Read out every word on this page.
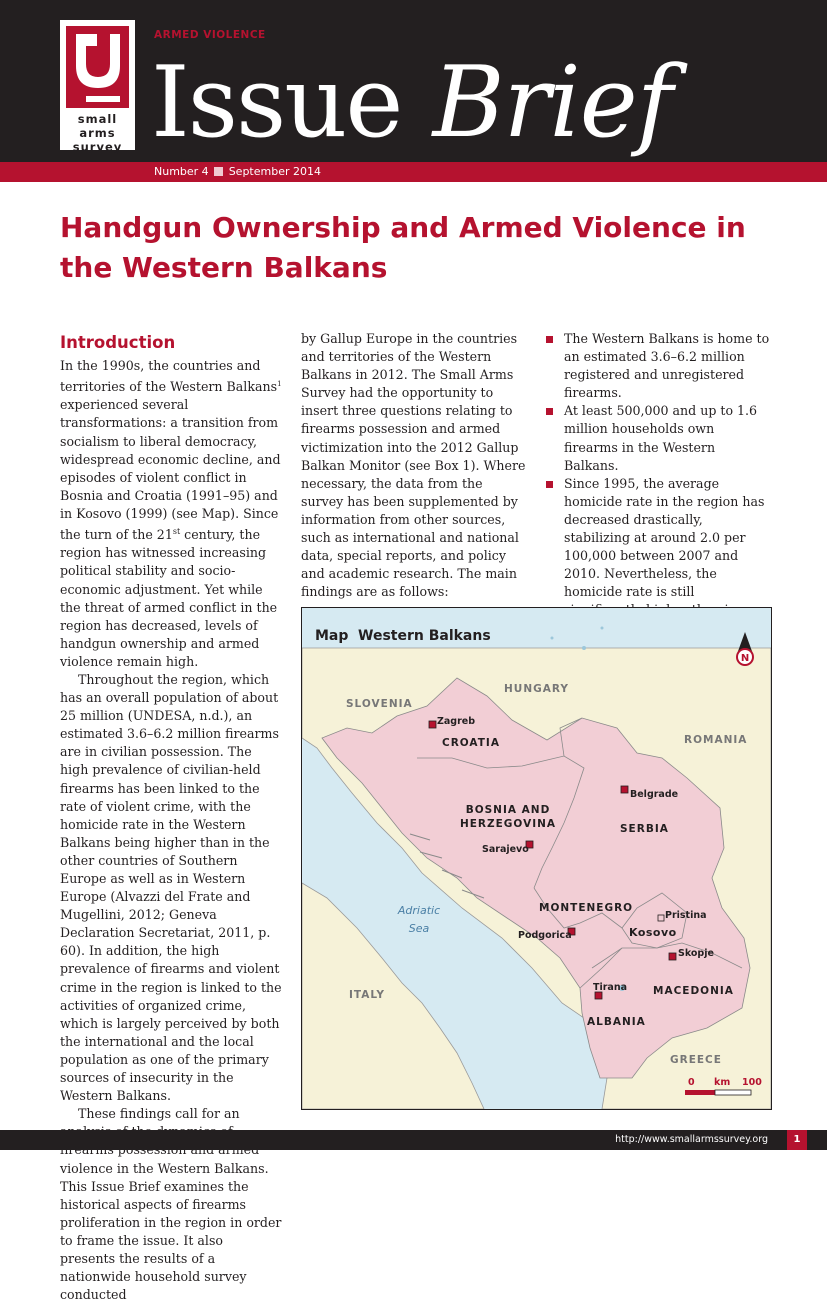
small
arms
survey
ARMED VIOLENCE
Issue Brief
Number 4 September 2014
Handgun Ownership and Armed Violence in the Western Balkans
Introduction

In the 1990s, the countries and territories of the Western Balkans$^1$ experienced several transformations: a transition from socialism to liberal democracy, widespread economic decline, and episodes of violent conflict in Bosnia and Croatia (1991–95) and in Kosovo (1999) (see Map). Since the turn of the 21st century, the region has witnessed increasing political stability and socio-economic adjustment. Yet while the threat of armed conflict in the region has decreased, levels of handgun ownership and armed violence remain high.

Throughout the region, which has an overall population of about 25 million (UNDESA, n.d.), an estimated 3.6–6.2 million firearms are in civilian possession. The high prevalence of civilian-held firearms has been linked to the rate of violent crime, with the homicide rate in the Western Balkans being higher than in the other countries of Southern Europe as well as in Western Europe (Alvazzi del Frate and Mugellini, 2012; Geneva Declaration Secretariat, 2011, p. 60). In addition, the high prevalence of firearms and violent crime in the region is linked to the activities of organized crime, which is largely perceived by both the international and the local population as one of the primary sources of insecurity in the Western Balkans.

These findings call for an violence in the Western Balkans. This Issue Brief examines the historical aspects of firearms proliferation in the region in order to frame the issue. It also presents the results of a nationwide household survey conducted

by Gallup Europe in the countries and territories of the Western Balkans in 2012. The Small Arms Survey had the opportunity to insert three questions relating to firearms possession and armed victimization into the 2012 Gallup Balkan Monitor (see Box 1). Where necessary, the data from the survey has been supplemented by information from other sources, such as international and national data, special reports, and policy and academic research. The main findings are as follows:

The Western Balkans is home to an estimated 3.6–6.2 million registered and unregistered firearms.
At least 500,000 and up to 1.6 million households own firearms in the Western Balkans.
Since 1995, the average homicide rate in the region has decreased drastically, stabilizing at around 2.0 per 100,000 between 2007 and 2010. Nevertheless, the homicide rate is still
Map Western Balkans
N
SLOVENIA
HUNGARY
ROMANIA
CROATIA
BOSNIA AND
HERZEGOVINA	SERBIA
MONTENEGRO
Kosovo
MACEDONIA
ALBANIA
ITALY
GREECE
Adriatic
Sea
Zagreb
Belgrade
Sarajevo
Podgorica
Pristina
Skopje
Tirana
0 km 100
http://www.smallarmssurvey.org	1
